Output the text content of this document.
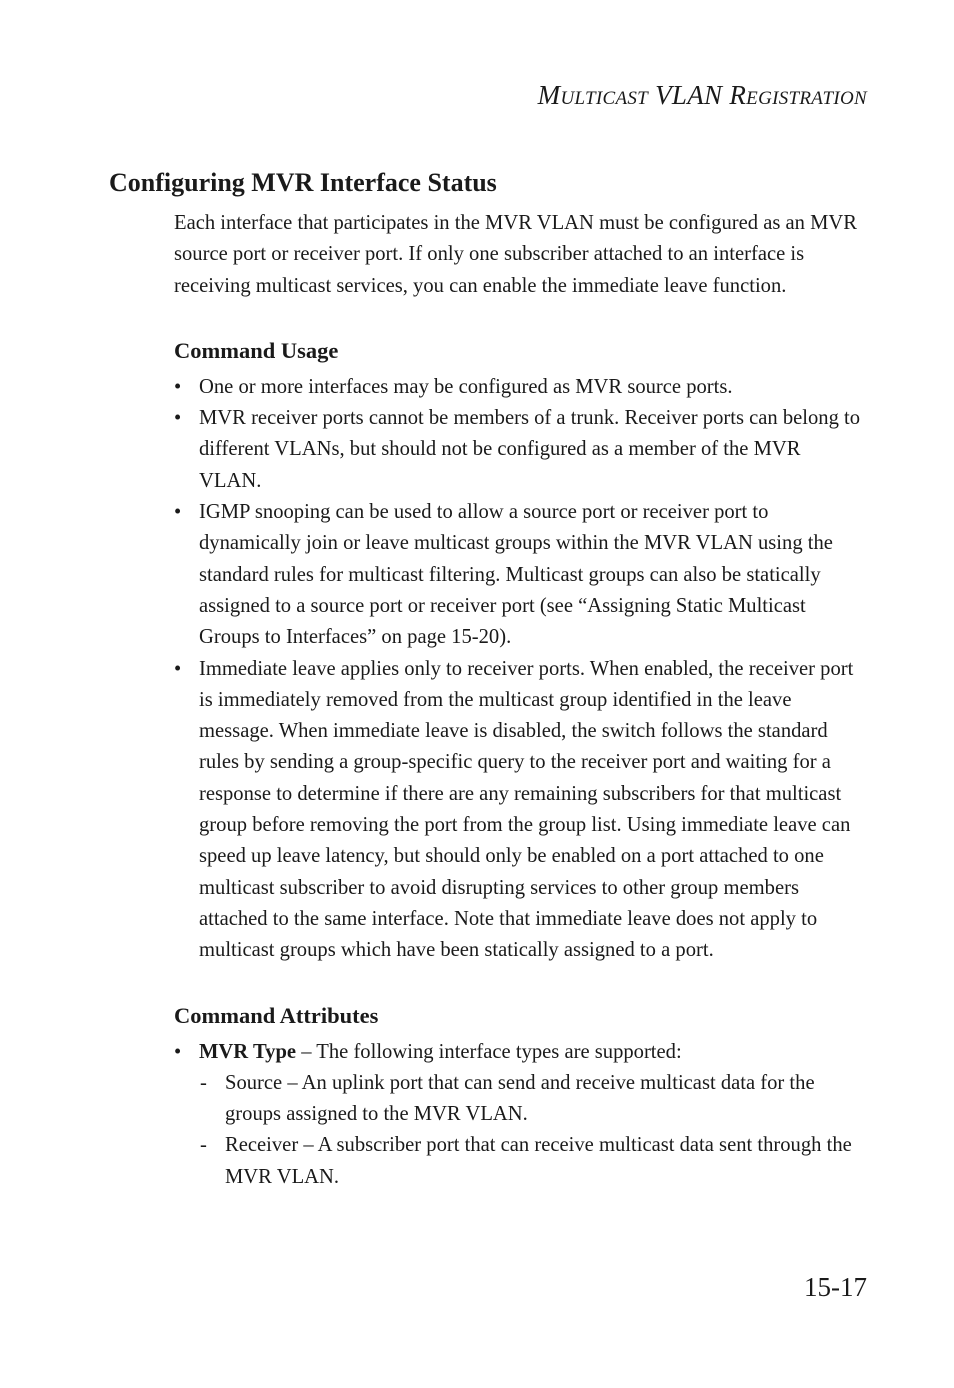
MULTICAST VLAN REGISTRATION
Configuring MVR Interface Status

Each interface that participates in the MVR VLAN must be configured as an MVR source port or receiver port. If only one subscriber attached to an interface is receiving multicast services, you can enable the immediate leave function.

Command Usage

• One or more interfaces may be configured as MVR source ports.
• MVR receiver ports cannot be members of a trunk. Receiver ports can belong to different VLANs, but should not be configured as a member of the MVR VLAN.
• IGMP snooping can be used to allow a source port or receiver port to dynamically join or leave multicast groups within the MVR VLAN using the standard rules for multicast filtering. Multicast groups can also be statically assigned to a source port or receiver port (see “Assigning Static Multicast Groups to Interfaces” on page 15-20).
• Immediate leave applies only to receiver ports. When enabled, the receiver port is immediately removed from the multicast group identified in the leave message. When immediate leave is disabled, the switch follows the standard rules by sending a group-specific query to the receiver port and waiting for a response to determine if there are any remaining subscribers for that multicast group before removing the port from the group list. Using immediate leave can speed up leave latency, but should only be enabled on a port attached to one multicast subscriber to avoid disrupting services to other group members attached to the same interface. Note that immediate leave does not apply to multicast groups which have been statically assigned to a port.

Command Attributes

• MVR Type – The following interface types are supported:
- Source – An uplink port that can send and receive multicast data for the groups assigned to the MVR VLAN.
- Receiver – A subscriber port that can receive multicast data sent through the MVR VLAN.
15-17
